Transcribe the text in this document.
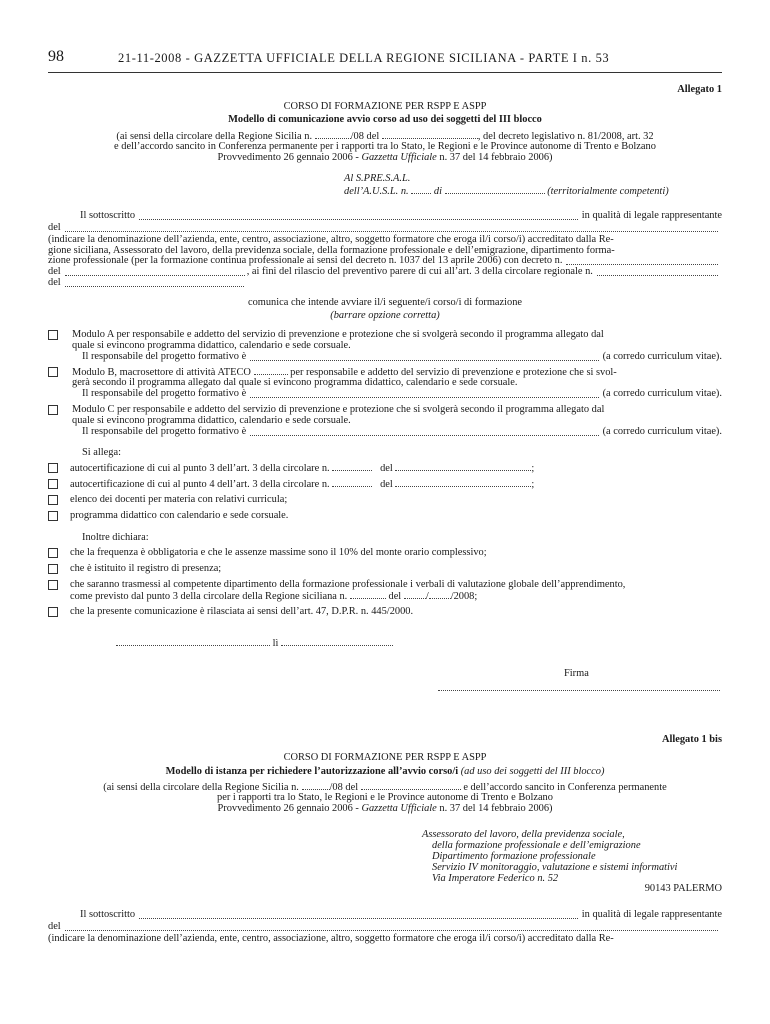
98	21-11-2008 - GAZZETTA UFFICIALE DELLA REGIONE SICILIANA - PARTE I n. 53
Allegato 1
CORSO DI FORMAZIONE PER RSPP E ASPP
Modello di comunicazione avvio corso ad uso dei soggetti del III blocco
(ai sensi della circolare della Regione Sicilia n.	/08 del	, del decreto legislativo n. 81/2008, art. 32
e dell’accordo sancito in Conferenza permanente per i rapporti tra lo Stato, le Regioni e le Province autonome di Trento e Bolzano
Provvedimento 26 gennaio 2006 - Gazzetta Ufficiale n. 37 del 14 febbraio 2006)
Al S.PRE.S.A.L.
dell’A.U.S.L. n. di	(territorialmente competenti)
Il sottoscritto	in qualità di legale rappresentante
del
(indicare la denominazione dell’azienda, ente, centro, associazione, altro, soggetto formatore che eroga il/i corso/i) accreditato dalla Re-
gione siciliana, Assessorato del lavoro, della previdenza sociale, della formazione professionale e dell’emigrazione, dipartimento forma-
zione professionale (per la formazione continua professionale ai sensi del decreto n. 1037 del 13 aprile 2006) con decreto n.
del	, ai fini del rilascio del preventivo parere di cui all’art. 3 della circolare regionale n.
del
comunica che intende avviare il/i seguente/i corso/i di formazione
(barrare opzione corretta)
Modulo A per responsabile e addetto del servizio di prevenzione e protezione che si svolgerà secondo il programma allegato dal
quale si evincono programma didattico, calendario e sede corsuale.
Il responsabile del progetto formativo è	(a corredo curriculum vitae).
Modulo B, macrosettore di attività ATECO	per responsabile e addetto del servizio di prevenzione e protezione che si svol-
gerà secondo il programma allegato dal quale si evincono programma didattico, calendario e sede corsuale.
Il responsabile del progetto formativo è	(a corredo curriculum vitae).
Modulo C per responsabile e addetto del servizio di prevenzione e protezione che si svolgerà secondo il programma allegato dal
quale si evincono programma didattico, calendario e sede corsuale.
Il responsabile del progetto formativo è	(a corredo curriculum vitae).
Si allega:
autocertificazione di cui al punto 3 dell’art. 3 della circolare n.	del	;
autocertificazione di cui al punto 4 dell’art. 3 della circolare n.	del	;
elenco dei docenti per materia con relativi curricula;
programma didattico con calendario e sede corsuale.
Inoltre dichiara:
che la frequenza è obbligatoria e che le assenze massime sono il 10% del monte orario complessivo;
che è istituito il registro di presenza;
che saranno trasmessi al competente dipartimento della formazione professionale i verbali di valutazione globale dell’apprendimento,
come previsto dal punto 3 della circolare della Regione siciliana n.	del / /2008;
che la presente comunicazione è rilasciata ai sensi dell’art. 47, D.P.R. n. 445/2000.
lì
Firma
Allegato 1 bis
CORSO DI FORMAZIONE PER RSPP E ASPP
Modello di istanza per richiedere l’autorizzazione all’avvio corso/i (ad uso dei soggetti del III blocco)
(ai sensi della circolare della Regione Sicilia n.	/08 del	e dell’accordo sancito in Conferenza permanente
per i rapporti tra lo Stato, le Regioni e le Province autonome di Trento e Bolzano
Provvedimento 26 gennaio 2006 - Gazzetta Ufficiale n. 37 del 14 febbraio 2006)
Assessorato del lavoro, della previdenza sociale,
della formazione professionale e dell’emigrazione
Dipartimento formazione professionale
Servizio IV monitoraggio, valutazione e sistemi informativi
Via Imperatore Federico n. 52
90143 PALERMO
Il sottoscritto	in qualità di legale rappresentante
del
(indicare la denominazione dell’azienda, ente, centro, associazione, altro, soggetto formatore che eroga il/i corso/i) accreditato dalla Re-
